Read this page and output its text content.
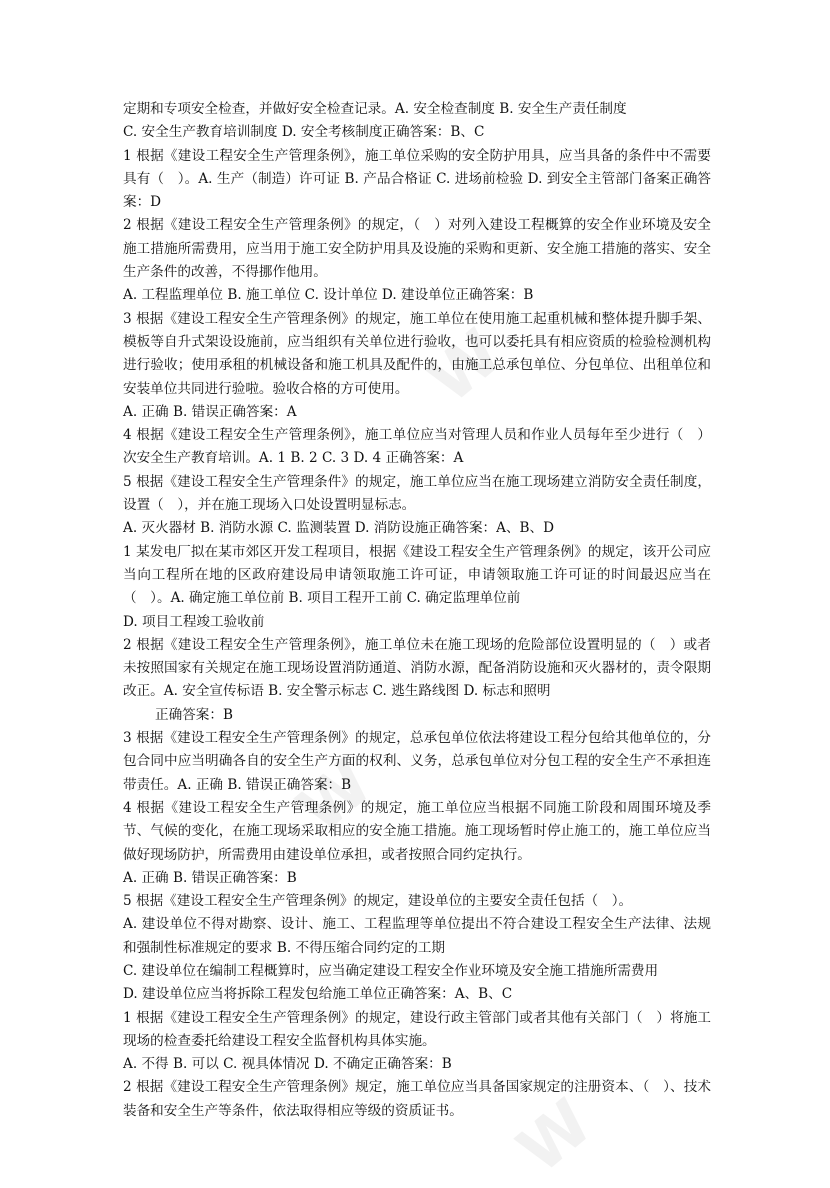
W
W
W

定期和专项安全检查，并做好安全检查记录。A. 安全检查制度 B. 安全生产责任制度

C. 安全生产教育培训制度 D. 安全考核制度正确答案：B、C

1 根据《建设工程安全生产管理条例》，施工单位采购的安全防护用具，应当具备的条件中不需要具有（　）。A. 生产（制造）许可证 B. 产品合格证 C. 进场前检验 D. 到安全主管部门备案正确答案：D

2 根据《建设工程安全生产管理条例》的规定，（　）对列入建设工程概算的安全作业环境及安全施工措施所需费用，应当用于施工安全防护用具及设施的采购和更新、安全施工措施的落实、安全生产条件的改善，不得挪作他用。

A. 工程监理单位 B. 施工单位 C. 设计单位 D. 建设单位正确答案：B

3 根据《建设工程安全生产管理条例》的规定，施工单位在使用施工起重机械和整体提升脚手架、模板等自升式架设设施前，应当组织有关单位进行验收，也可以委托具有相应资质的检验检测机构进行验收；使用承租的机械设备和施工机具及配件的，由施工总承包单位、分包单位、出租单位和安装单位共同进行验啦。验收合格的方可使用。

A. 正确 B. 错误正确答案：A

4 根据《建设工程安全生产管理条例》，施工单位应当对管理人员和作业人员每年至少进行（　）次安全生产教育培训。A. 1 B. 2 C. 3 D. 4 正确答案：A

5 根据《建设工程安全生产管理条件》的规定，施工单位应当在施工现场建立消防安全责任制度，设置（　），并在施工现场入口处设置明显标志。

A. 灭火器材 B. 消防水源 C. 监测装置 D. 消防设施正确答案：A、B、D

1 某发电厂拟在某市郊区开发工程项目，根据《建设工程安全生产管理条例》的规定，该开公司应当向工程所在地的区政府建设局申请领取施工许可证，申请领取施工许可证的时间最迟应当在（　）。A. 确定施工单位前 B. 项目工程开工前 C. 确定监理单位前

D. 项目工程竣工验收前

2 根据《建设工程安全生产管理条例》，施工单位未在施工现场的危险部位设置明显的（　）或者未按照国家有关规定在施工现场设置消防通道、消防水源，配备消防设施和灭火器材的，责令限期改正。A. 安全宣传标语 B. 安全警示标志 C. 逃生路线图 D. 标志和照明

正确答案：B

3 根据《建设工程安全生产管理条例》的规定，总承包单位依法将建设工程分包给其他单位的，分包合同中应当明确各自的安全生产方面的权利、义务，总承包单位对分包工程的安全生产不承担连带责任。A. 正确 B. 错误正确答案：B

4 根据《建设工程安全生产管理条例》的规定，施工单位应当根据不同施工阶段和周围环境及季节、气候的变化，在施工现场采取相应的安全施工措施。施工现场暂时停止施工的，施工单位应当做好现场防护，所需费用由建设单位承担，或者按照合同约定执行。

A. 正确 B. 错误正确答案：B

5 根据《建设工程安全生产管理条例》的规定，建设单位的主要安全责任包括（　）。

A. 建设单位不得对勘察、设计、施工、工程监理等单位提出不符合建设工程安全生产法律、法规和强制性标准规定的要求 B. 不得压缩合同约定的工期

C. 建设单位在编制工程概算时，应当确定建设工程安全作业环境及安全施工措施所需费用

D. 建设单位应当将拆除工程发包给施工单位正确答案：A、B、C

1 根据《建设工程安全生产管理条例》的规定，建设行政主管部门或者其他有关部门（　）将施工现场的检查委托给建设工程安全监督机构具体实施。

A. 不得 B. 可以 C. 视具体情况 D. 不确定正确答案：B

2 根据《建设工程安全生产管理条例》规定，施工单位应当具备国家规定的注册资本、（　）、技术装备和安全生产等条件，依法取得相应等级的资质证书。
